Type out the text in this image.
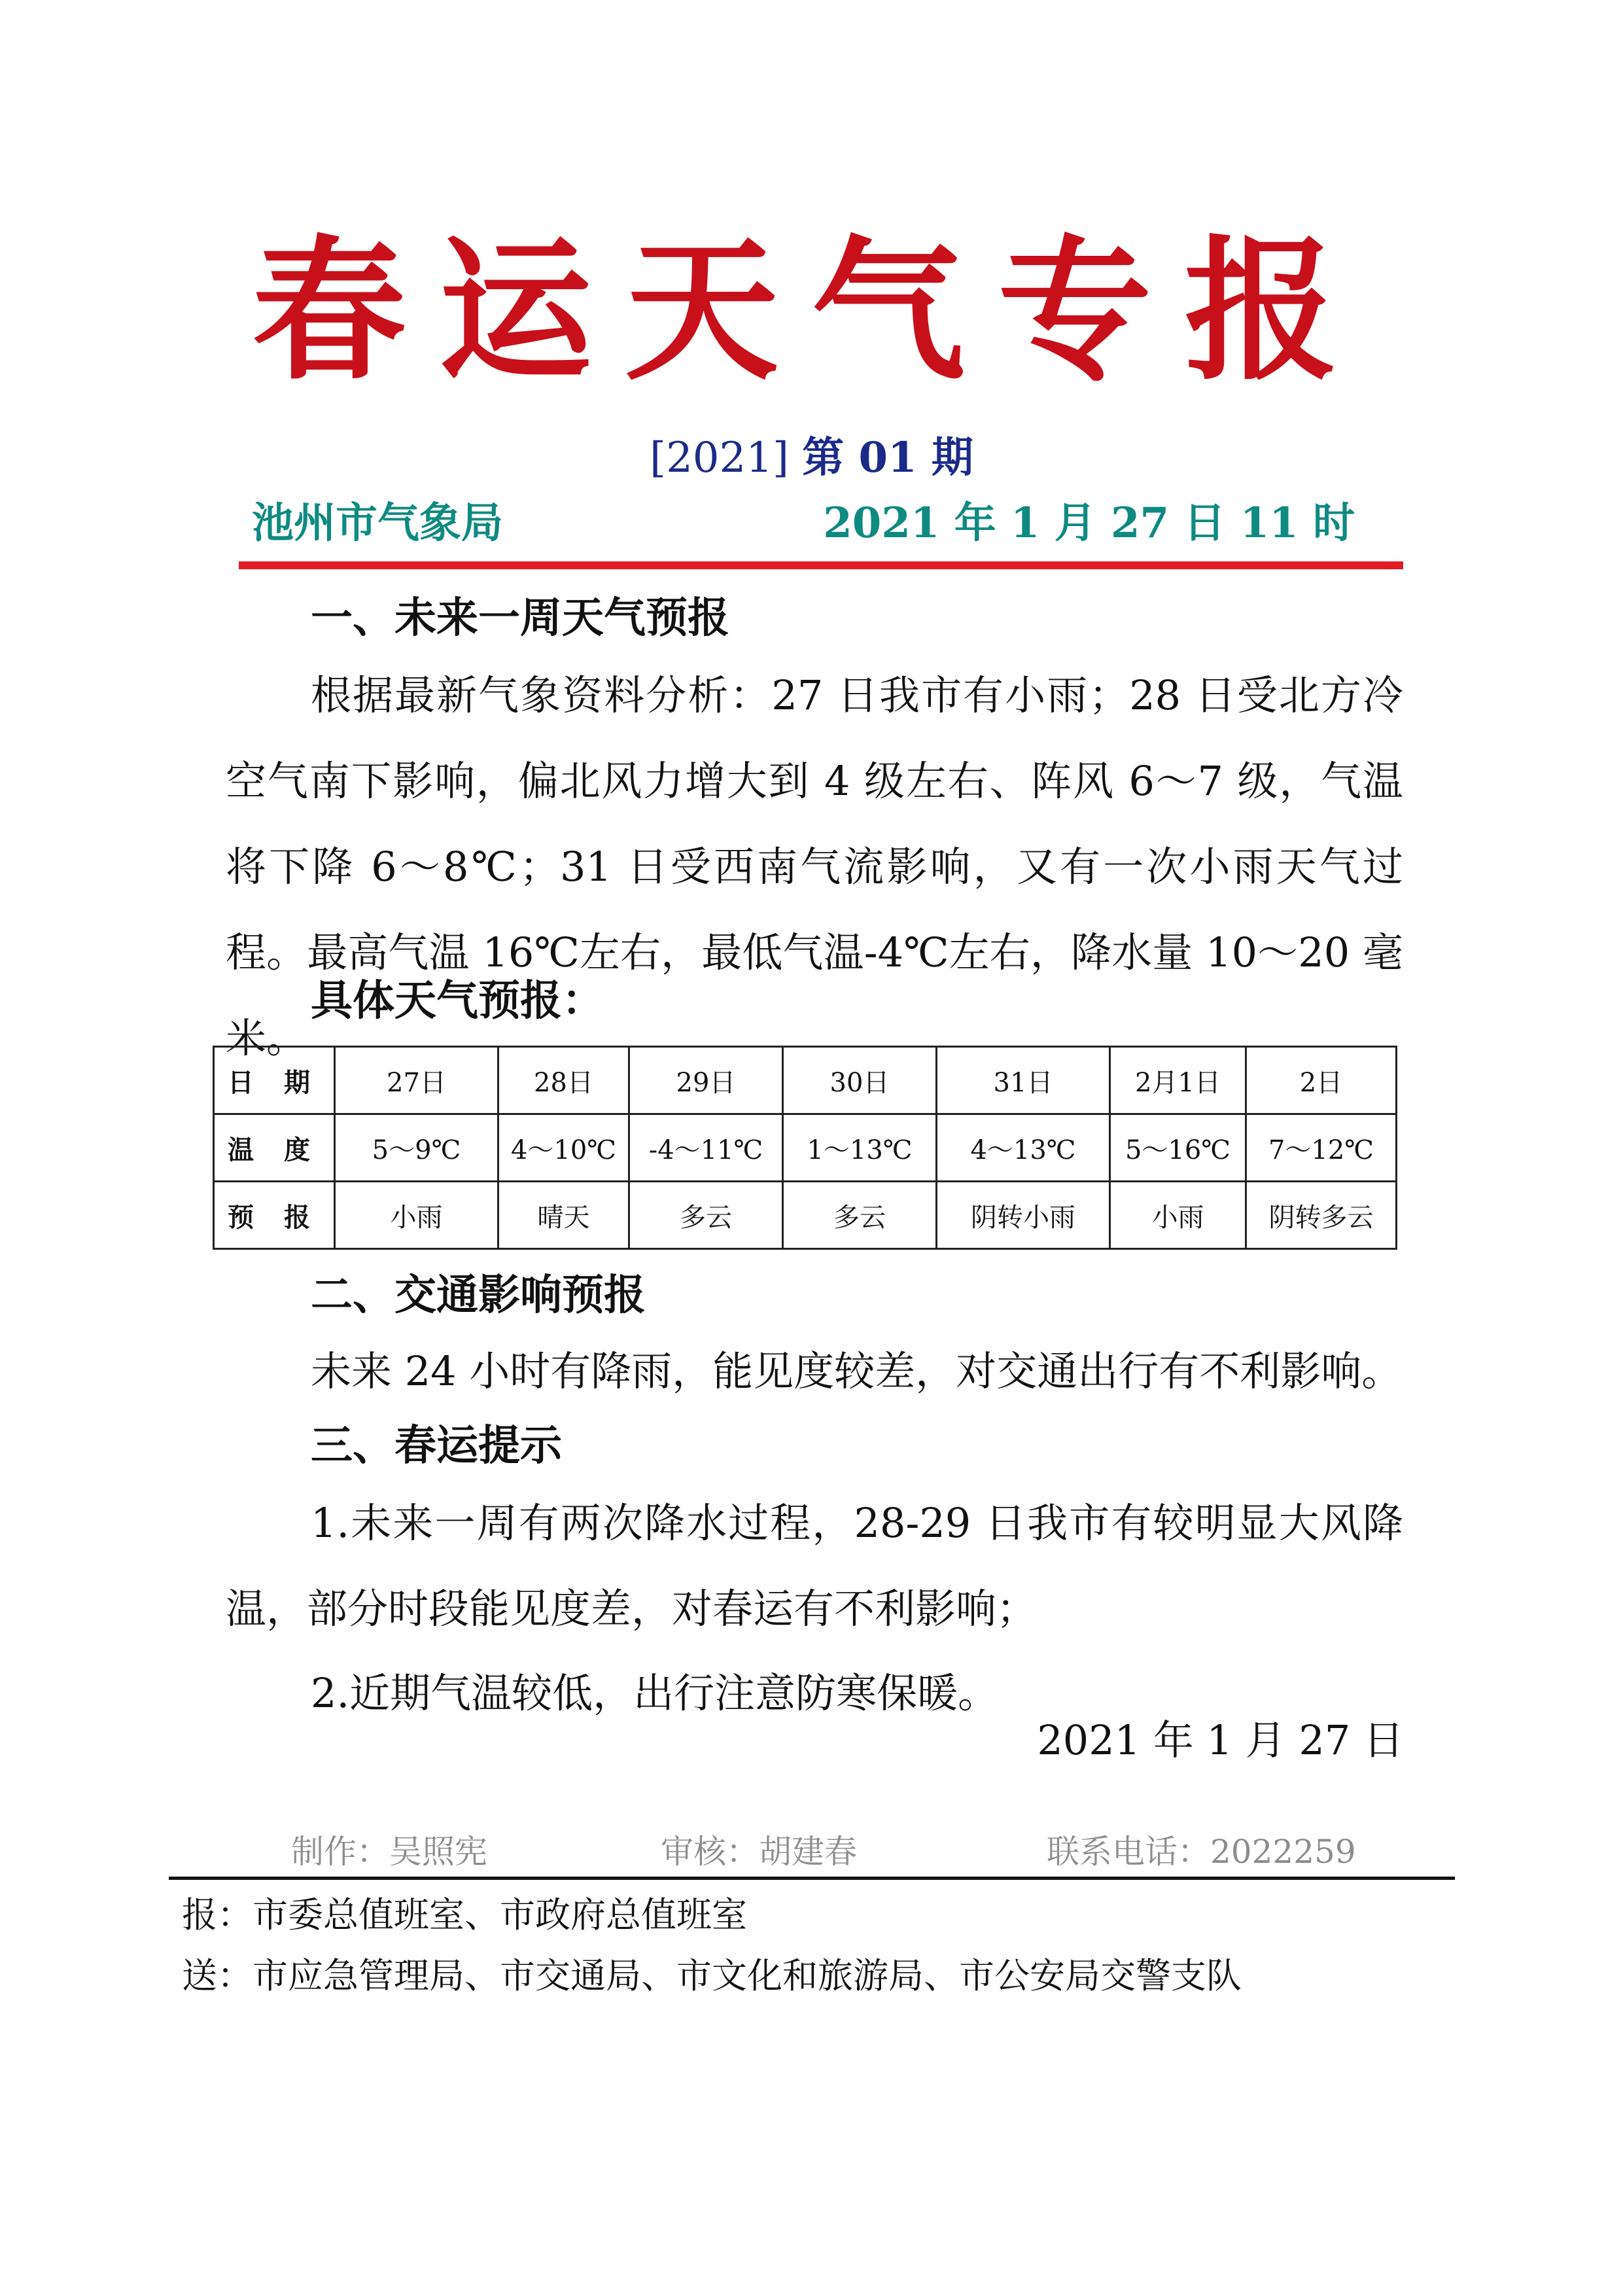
春运天气专报
[2021] 第 01 期
池州市气象局	2021 年 1 月 27 日 11 时
一、未来一周天气预报
根据最新气象资料分析：27 日我市有小雨；28 日受北方冷空气南下影响，偏北风力增大到 4 级左右、阵风 6～7 级，气温将下降 6～8℃；31 日受西南气流影响，又有一次小雨天气过程。最高气温 16℃左右，最低气温-4℃左右，降水量 10～20 毫米。
具体天气预报：
日 期	27日	28日	29日	30日	31日	2月1日	2日
温 度	5～9℃	4～10℃	-4～11℃	1～13℃	4～13℃	5～16℃	7～12℃
预 报	小雨	晴天	多云	多云	阴转小雨	小雨	阴转多云
二、交通影响预报
未来 24 小时有降雨，能见度较差，对交通出行有不利影响。
三、春运提示
1.未来一周有两次降水过程，28-29 日我市有较明显大风降温，部分时段能见度差，对春运有不利影响；
2.近期气温较低，出行注意防寒保暖。
2021 年 1 月 27 日
制作：吴照宪	审核：胡建春	联系电话：2022259
报：市委总值班室、市政府总值班室
送：市应急管理局、市交通局、市文化和旅游局、市公安局交警支队
